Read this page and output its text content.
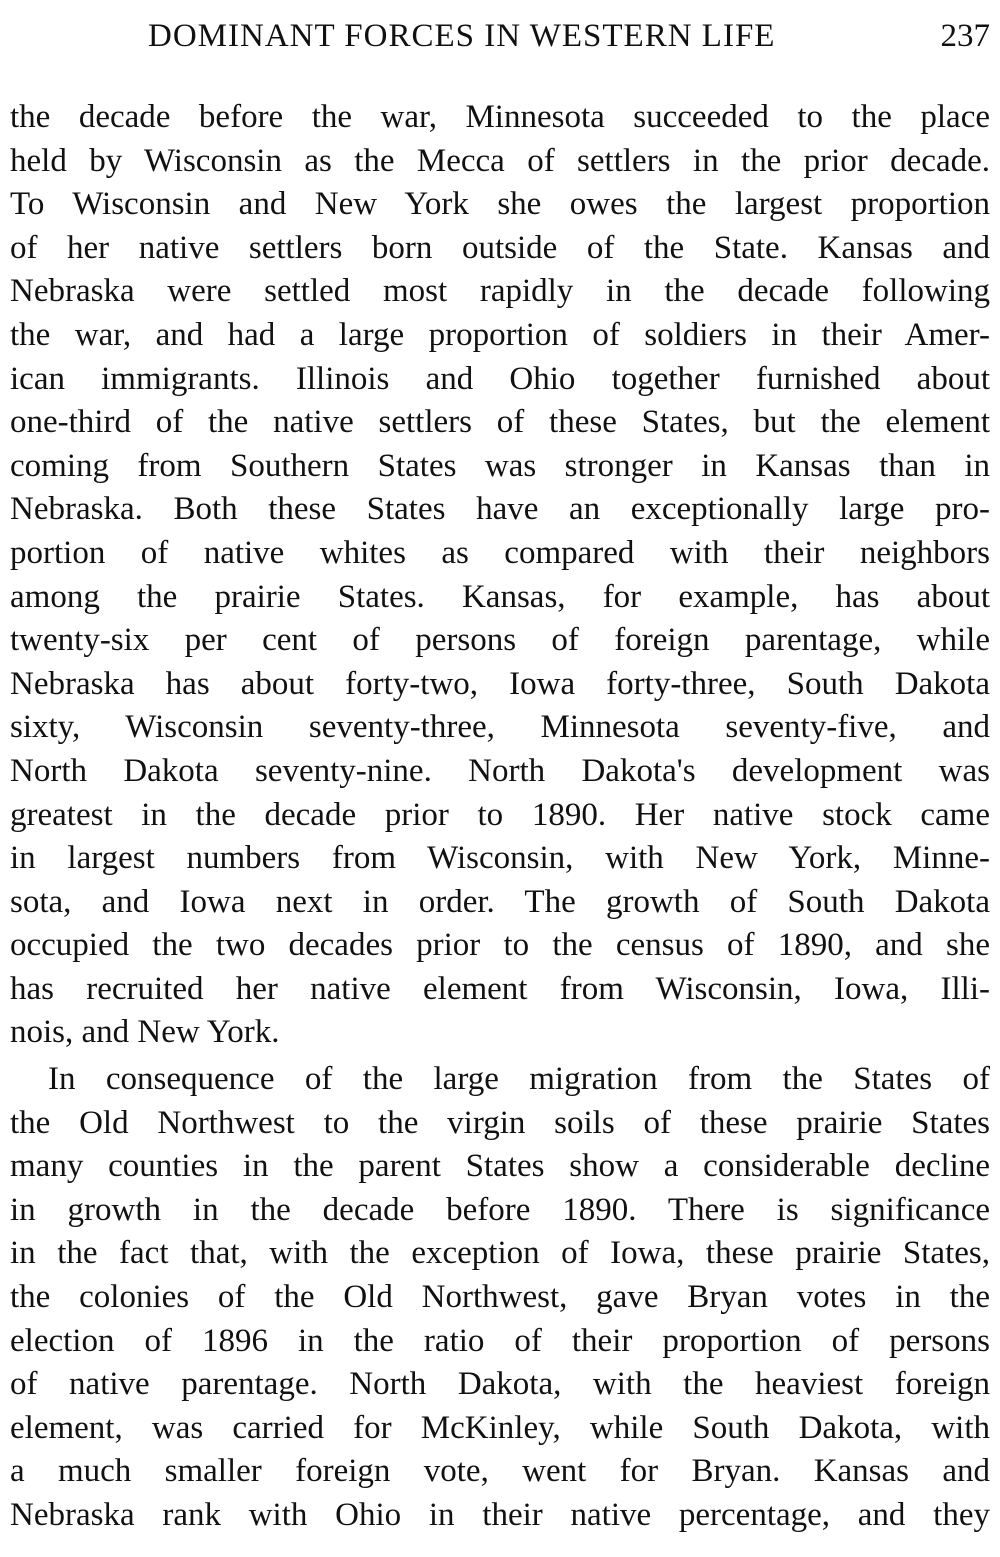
DOMINANT FORCES IN WESTERN LIFE	237
the decade before the war, Minnesota succeeded to the place
held by Wisconsin as the Mecca of settlers in the prior decade.
To Wisconsin and New York she owes the largest proportion
of her native settlers born outside of the State. Kansas and
Nebraska were settled most rapidly in the decade following
the war, and had a large proportion of soldiers in their Amer-
ican immigrants. Illinois and Ohio together furnished about
one-third of the native settlers of these States, but the element
coming from Southern States was stronger in Kansas than in
Nebraska. Both these States have an exceptionally large pro-
portion of native whites as compared with their neighbors
among the prairie States. Kansas, for example, has about
twenty-six per cent of persons of foreign parentage, while
Nebraska has about forty-two, Iowa forty-three, South Dakota
sixty, Wisconsin seventy-three, Minnesota seventy-five, and
North Dakota seventy-nine. North Dakota's development was
greatest in the decade prior to 1890. Her native stock came
in largest numbers from Wisconsin, with New York, Minne-
sota, and Iowa next in order. The growth of South Dakota
occupied the two decades prior to the census of 1890, and she
has recruited her native element from Wisconsin, Iowa, Illi-
nois, and New York.
In consequence of the large migration from the States of
the Old Northwest to the virgin soils of these prairie States
many counties in the parent States show a considerable decline
in growth in the decade before 1890. There is significance
in the fact that, with the exception of Iowa, these prairie States,
the colonies of the Old Northwest, gave Bryan votes in the
election of 1896 in the ratio of their proportion of persons
of native parentage. North Dakota, with the heaviest foreign
element, was carried for McKinley, while South Dakota, with
a much smaller foreign vote, went for Bryan. Kansas and
Nebraska rank with Ohio in their native percentage, and they
